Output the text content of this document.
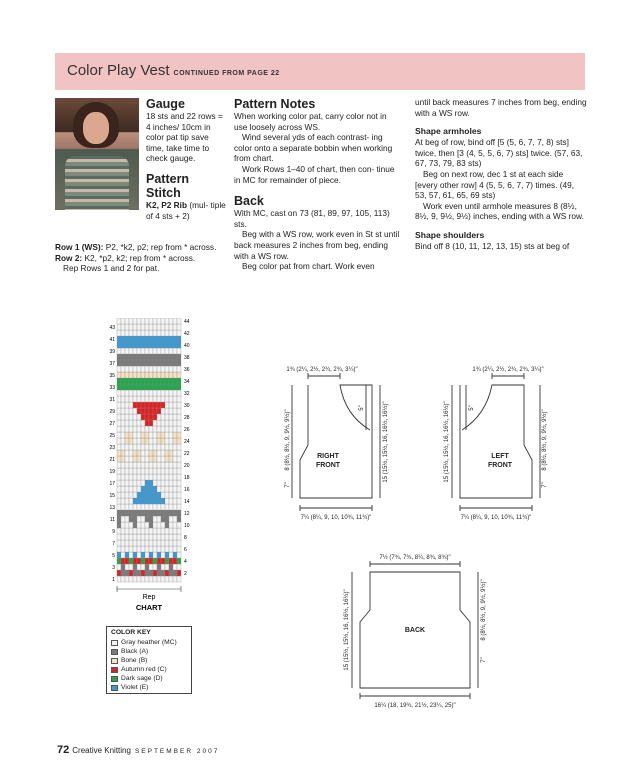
Color Play Vest CONTINUED FROM PAGE 22
Gauge

18 sts and 22 rows = 4 inches/ 10cm in color pat tip save time, take time to check gauge.

Pattern Stitch

K2, P2 Rib (mul- tiple of 4 sts + 2)

Row 1 (WS): P2, *k2, p2; rep from * across.

Row 2: K2, *p2, k2; rep from * across.

Rep Rows 1 and 2 for pat.

Pattern Notes

When working color pat, carry color not in use loosely across WS.

Wind several yds of each contrast- ing color onto a separate bobbin when working from chart.

Work Rows 1–40 of chart, then con- tinue in MC for remainder of piece.

Back

With MC, cast on 73 (81, 89, 97, 105, 113) sts.

Beg with a WS row, work even in St st until back measures 2 inches from beg, ending with a WS row.

Beg color pat from chart. Work even

until back measures 7 inches from beg, ending with a WS row.

Shape armholes

At beg of row, bind off [5 (5, 6, 7, 7, 8) sts] twice, then [3 (4, 5, 5, 6, 7) sts] twice. (57, 63, 67, 73, 79, 83 sts)

Beg on next row, dec 1 st at each side [every other row] 4 (5, 5, 6, 7, 7) times. (49, 53, 57, 61, 65, 69 sts)

Work even until armhole measures 8 (8½, 8½, 9, 9½, 9½) inches, ending with a WS row.

Shape shoulders

Bind off 8 (10, 11, 12, 13, 15) sts at beg of

43
41
39
37
35
33
31
29
27
25
23
21
19
17
15
13
11
9
7
5
3
1
44
42
40
38
36
34
32
30
28
26
24
22
20
18
16
14
12
10
8
6
4
2
Rep
CHART
COLOR KEY
Gray heather (MC)
Black (A)
Bone (B)
Autumn red (C)
Dark sage (D)
Violet (E)
1¾ (2¼, 2½, 2¾, 2¾, 3¼)"
7¼ (8¼, 9, 10, 10¾, 11¾)"
8 (8½, 8½, 9, 9½, 9½)"
7"
5"	15 (15½, 15½, 16, 16½, 16½)"
RIGHT
FRONT
1¾ (2¼, 2½, 2¾, 2¾, 3¼)"
7¼ (8¼, 9, 10, 10¾, 11¾)"
15 (15½, 15½, 16, 16½, 16½)"	5"
8 (8½, 8½, 9, 9½, 9½)"
7"
LEFT
FRONT
7½ (7¾, 7¾, 8¼, 8¾, 8¾)"
16¼ (18, 19¾, 21½, 23¼, 25)"
15 (15½, 15½, 16, 16½, 16½)"	8 (8½, 8½, 9, 9½, 9½)"
7"
BACK
72 Creative Knitting SEPTEMBER 2007
